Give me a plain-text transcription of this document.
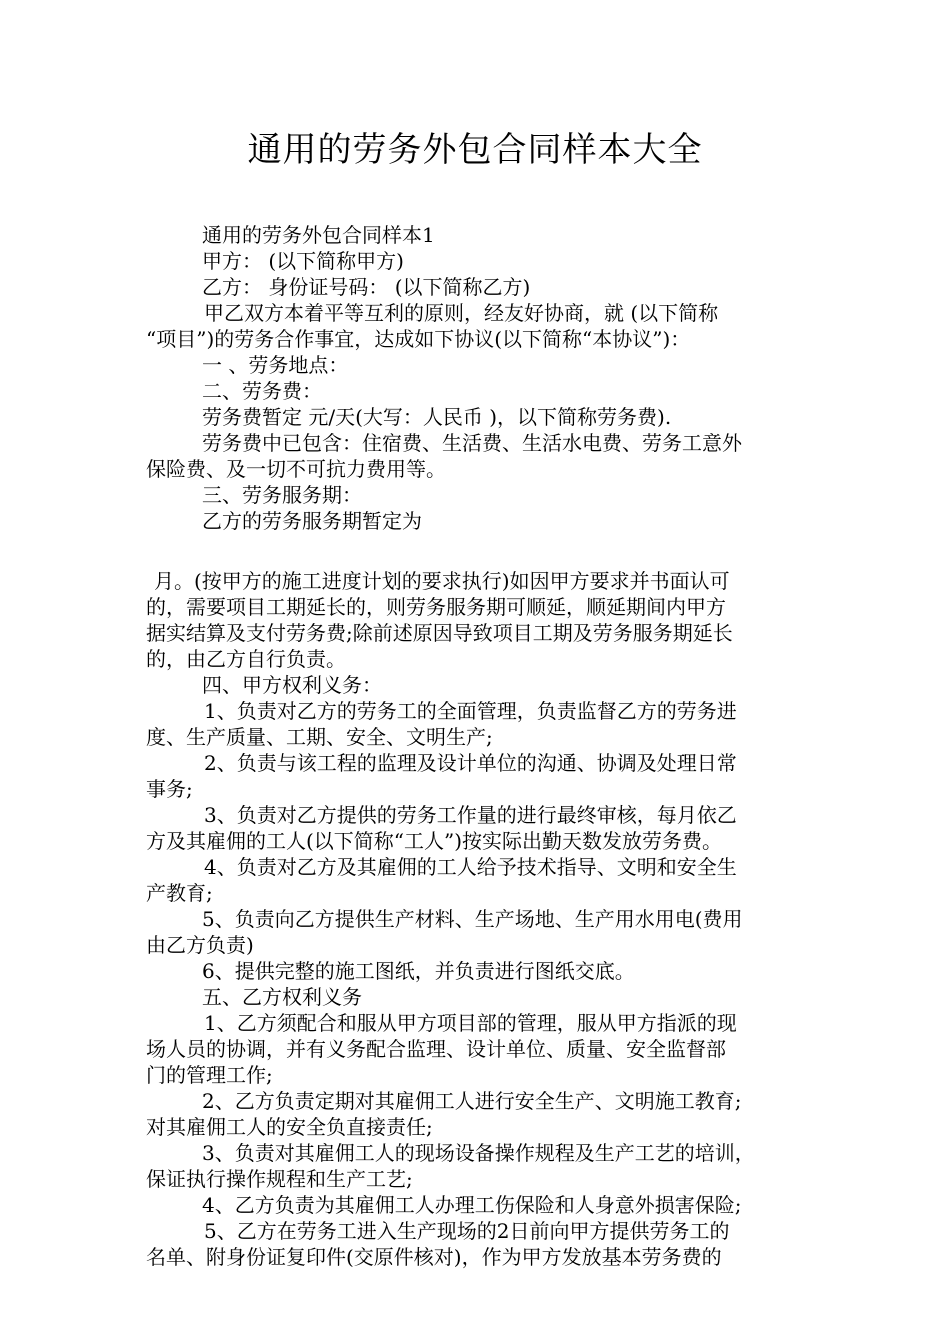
通用的劳务外包合同样本大全

通用的劳务外包合同样本1

甲方： (以下简称甲方)

乙方： 身份证号码： (以下简称乙方)

甲乙双方本着平等互利的原则，经友好协商，就 (以下简称

“项目”)的劳务合作事宜，达成如下协议(以下简称“本协议”)：

一 、劳务地点：

二、劳务费：

劳务费暂定 元/天(大写：人民币 )，以下简称劳务费).

劳务费中已包含：住宿费、生活费、生活水电费、劳务工意外

保险费、及一切不可抗力费用等。

三、劳务服务期：

乙方的劳务服务期暂定为

月。(按甲方的施工进度计划的要求执行)如因甲方要求并书面认可

的，需要项目工期延长的，则劳务服务期可顺延，顺延期间内甲方

据实结算及支付劳务费;除前述原因导致项目工期及劳务服务期延长

的，由乙方自行负责。

四、甲方权利义务：

1、负责对乙方的劳务工的全面管理，负责监督乙方的劳务进

度、生产质量、工期、安全、文明生产;

2、负责与该工程的监理及设计单位的沟通、协调及处理日常

事务;

3、负责对乙方提供的劳务工作量的进行最终审核，每月依乙

方及其雇佣的工人(以下简称“工人”)按实际出勤天数发放劳务费。

4、负责对乙方及其雇佣的工人给予技术指导、文明和安全生

产教育;

5、负责向乙方提供生产材料、生产场地、生产用水用电(费用

由乙方负责)

6、提供完整的施工图纸，并负责进行图纸交底。

五、乙方权利义务

1、乙方须配合和服从甲方项目部的管理，服从甲方指派的现

场人员的协调，并有义务配合监理、设计单位、质量、安全监督部

门的管理工作;

2、乙方负责定期对其雇佣工人进行安全生产、文明施工教育;

对其雇佣工人的安全负直接责任;

3、负责对其雇佣工人的现场设备操作规程及生产工艺的培训，

保证执行操作规程和生产工艺;

4、乙方负责为其雇佣工人办理工伤保险和人身意外损害保险;

5、乙方在劳务工进入生产现场的2日前向甲方提供劳务工的

名单、附身份证复印件(交原件核对)，作为甲方发放基本劳务费的
